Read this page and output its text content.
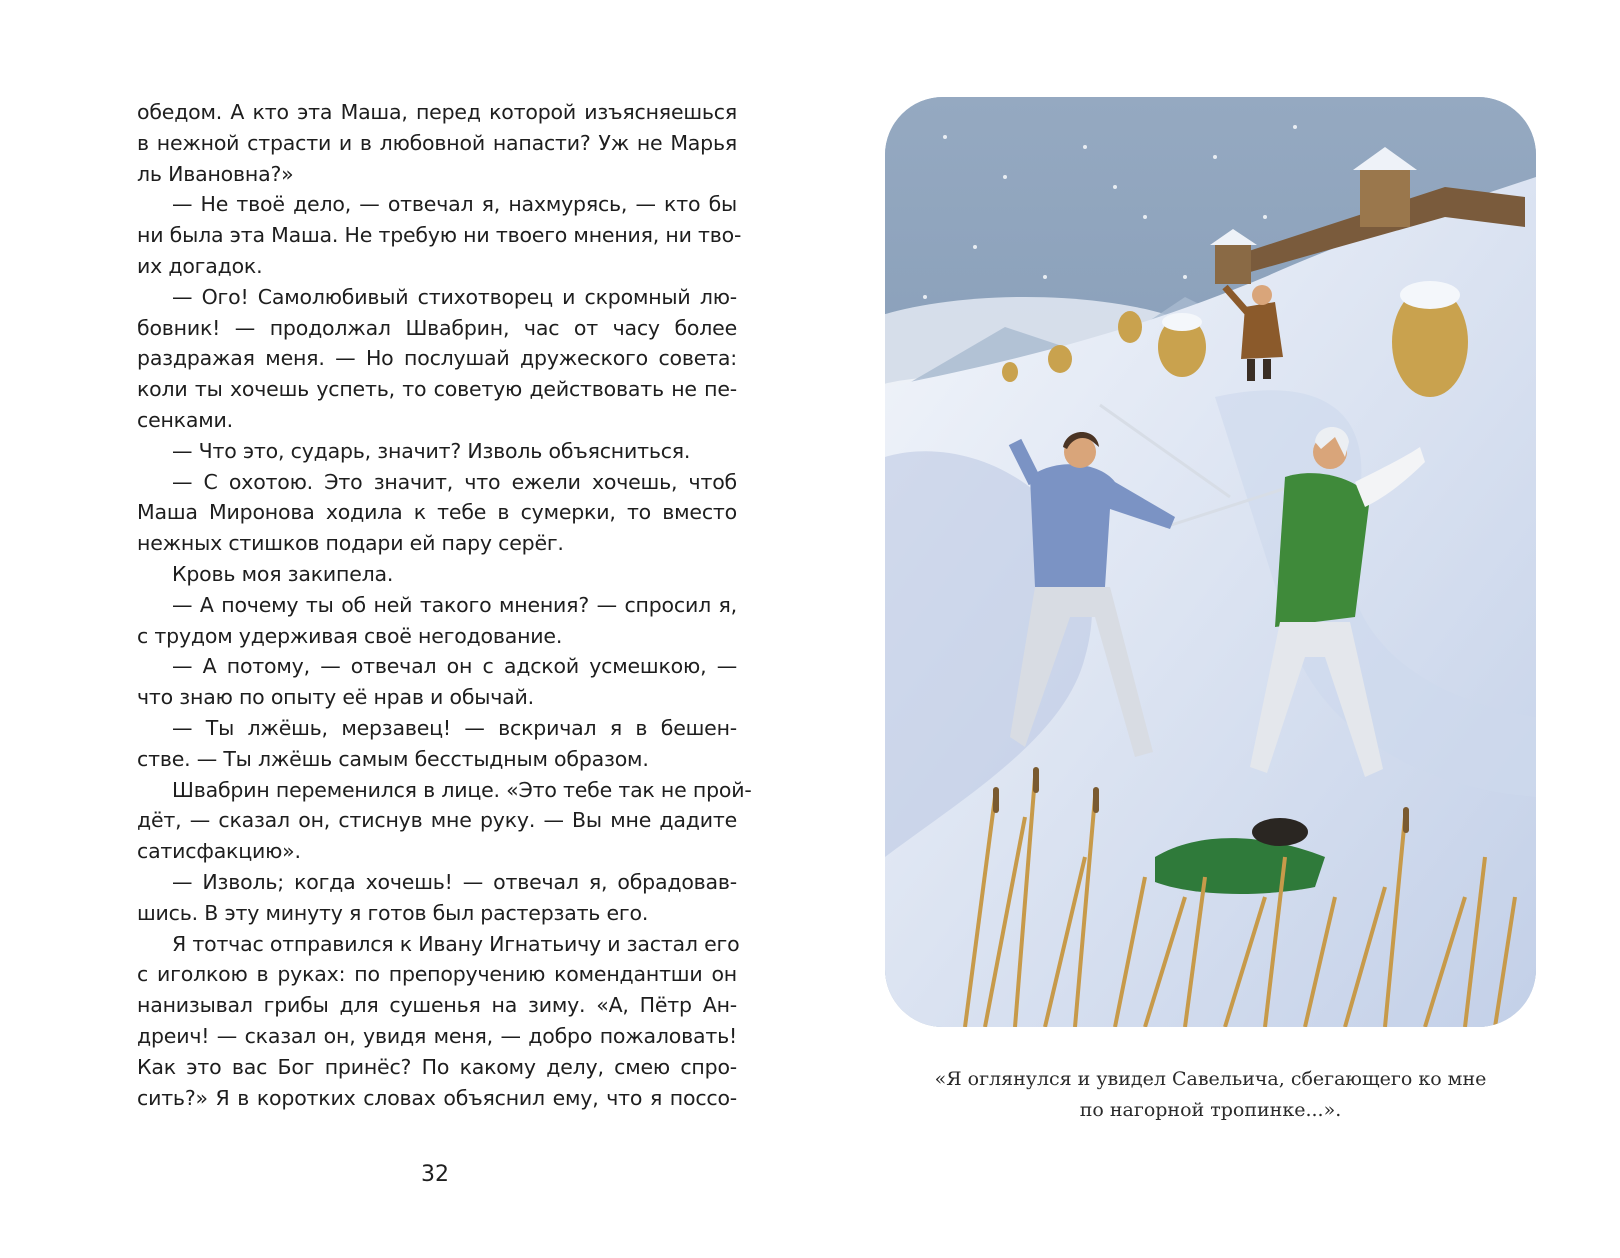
обедом. А кто эта Маша, перед которой изъясняешься
в нежной страсти и в любовной напасти? Уж не Марья
ль Ивановна?»
— Не твоё дело, — отвечал я, нахмурясь, — кто бы
ни была эта Маша. Не требую ни твоего мнения, ни тво-
их догадок.
— Ого! Самолюбивый стихотворец и скромный лю-
бовник! — продолжал Швабрин, час от часу более
раздражая меня. — Но послушай дружеского совета:
коли ты хочешь успеть, то советую действовать не пе-
сенками.
— Что это, сударь, значит? Изволь объясниться.
— С охотою. Это значит, что ежели хочешь, чтоб
Маша Миронова ходила к тебе в сумерки, то вместо
нежных стишков подари ей пару серёг.
Кровь моя закипела.
— А почему ты об ней такого мнения? — спросил я,
с трудом удерживая своё негодование.
— А потому, — отвечал он с адской усмешкою, —
что знаю по опыту её нрав и обычай.
— Ты лжёшь, мерзавец! — вскричал я в бешен-
стве. — Ты лжёшь самым бесстыдным образом.
Швабрин переменился в лице. «Это тебе так не прой-
дёт, — сказал он, стиснув мне руку. — Вы мне дадите
сатисфакцию».
— Изволь; когда хочешь! — отвечал я, обрадовав-
шись. В эту минуту я готов был растерзать его.
Я тотчас отправился к Ивану Игнатьичу и застал его
с иголкою в руках: по препоручению комендантши он
нанизывал грибы для сушенья на зиму. «А, Пётр Ан-
дреич! — сказал он, увидя меня, — добро пожаловать!
Как это вас Бог принёс? По какому делу, смею спро-
сить?» Я в коротких словах объяснил ему, что я поссо-
32
«Я оглянулся и увидел Савельича, сбегающего ко мне
по нагорной тропинке...».
